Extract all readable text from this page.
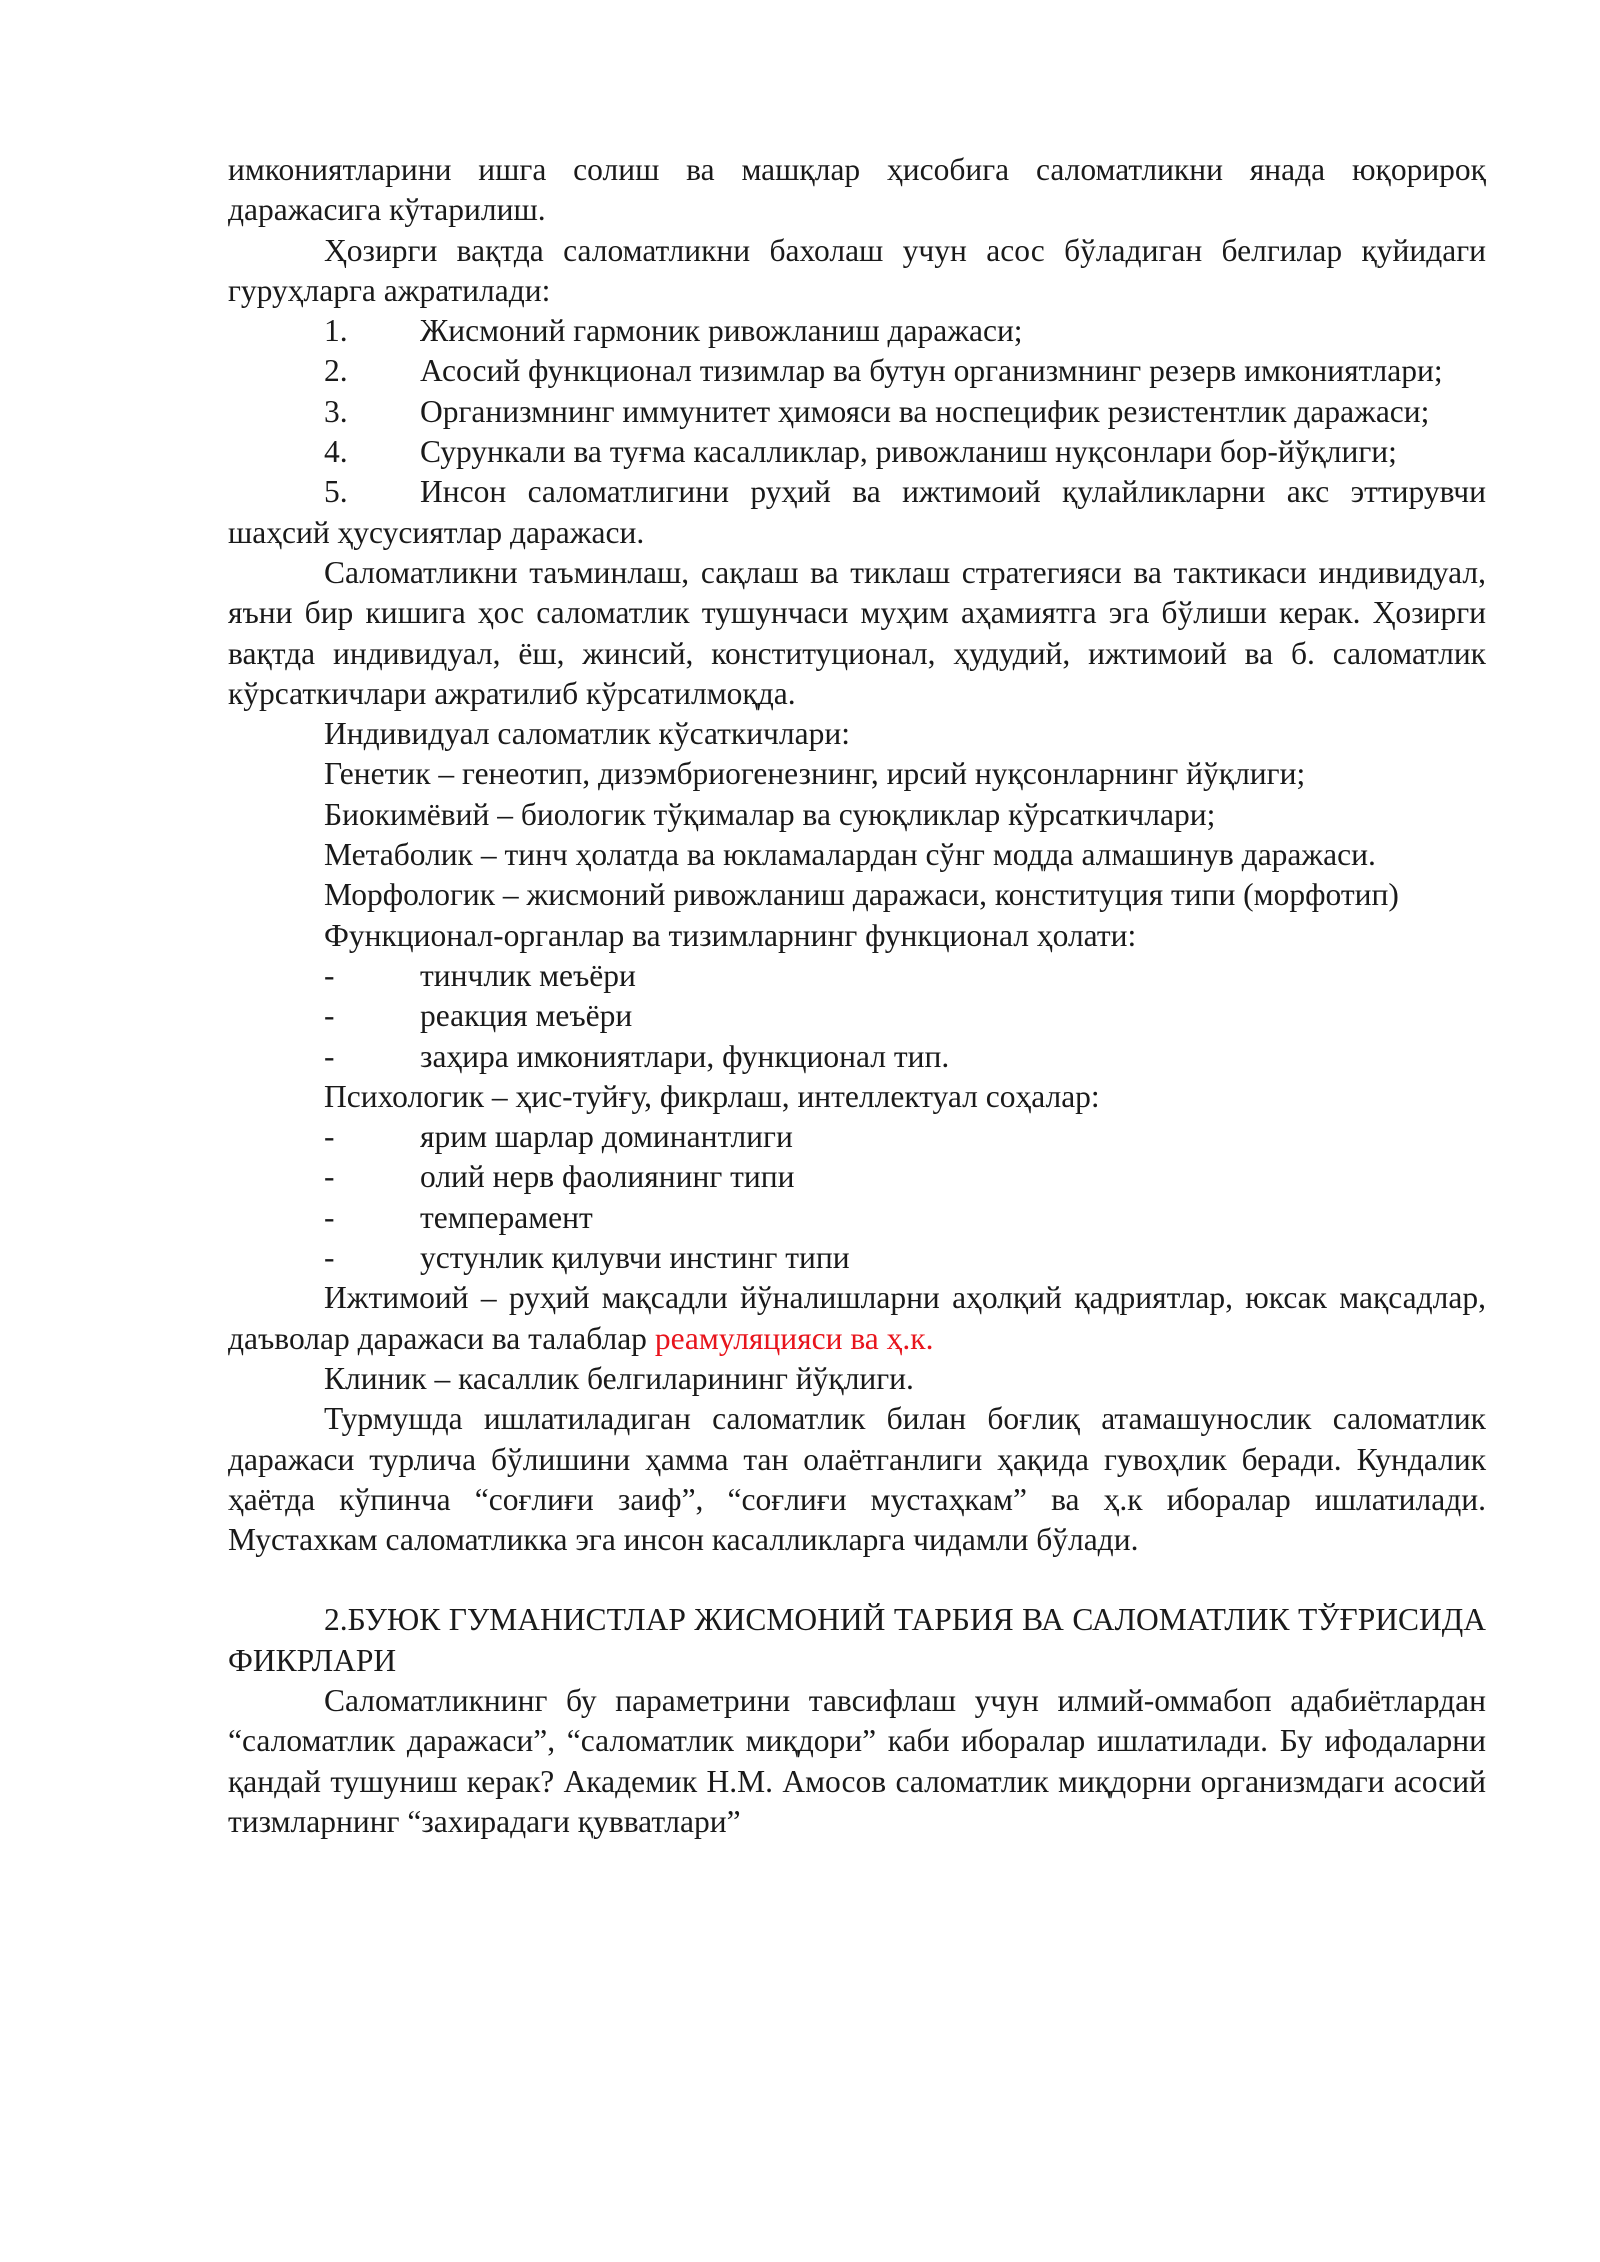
имкониятларини ишга солиш ва машқлар ҳисобига саломатликни янада юқорироқ даражасига кўтарилиш.

Ҳозирги вақтда саломатликни бахолаш учун асос бўладиган белгилар қуйидаги гуруҳларга ажратилади:

1. Жисмоний гармоник ривожланиш даражаси;

2. Асосий функционал тизимлар ва бутун организмнинг резерв имкониятлари;

3. Организмнинг иммунитет ҳимояси ва носпецифик резистентлик даражаси;

4. Сурункали ва туғма касалликлар, ривожланиш нуқсонлари бор-йўқлиги;

5. Инсон саломатлигини руҳий ва ижтимоий қулайликларни акс эттирувчи шаҳсий ҳусусиятлар даражаси.

Саломатликни таъминлаш, сақлаш ва тиклаш стратегияси ва тактикаси индивидуал, яъни бир кишига ҳос саломатлик тушунчаси муҳим аҳамиятга эга бўлиши керак. Ҳозирги вақтда индивидуал, ёш, жинсий, конституционал, ҳудудий, ижтимоий ва б. саломатлик кўрсаткичлари ажратилиб кўрсатилмоқда.

Индивидуал саломатлик кўсаткичлари:

Генетик – генеотип, дизэмбриогенезнинг, ирсий нуқсонларнинг йўқлиги;

Биокимёвий – биологик тўқималар ва суюқликлар кўрсаткичлари;

Метаболик – тинч ҳолатда ва юкламалардан сўнг модда алмашинув даражаси.

Морфологик – жисмоний ривожланиш даражаси, конституция типи (морфотип)

Функционал-органлар ва тизимларнинг функционал ҳолати:

-	тинчлик меъёри

-	реакция меъёри

-	заҳира имкониятлари, функционал тип.

Психологик – ҳис-туйғу, фикрлаш, интеллектуал соҳалар:

-	ярим шарлар доминантлиги

-	олий нерв фаолиянинг типи

-	темперамент

-	устунлик қилувчи инстинг типи

Ижтимоий – руҳий мақсадли йўналишларни аҳолқий қадриятлар, юксак мақсадлар, даъволар даражаси ва талаблар реамуляцияси ва ҳ.к.

Клиник – касаллик белгиларининг йўқлиги.

Турмушда ишлатиладиган саломатлик билан боғлиқ атамашунослик саломатлик даражаси турлича бўлишини ҳамма тан олаётганлиги ҳақида гувоҳлик беради. Кундалик ҳаётда кўпинча “соғлиғи заиф”, “соғлиғи мустаҳкам” ва ҳ.к иборалар ишлатилади. Мустахкам саломатликка эга инсон касалликларга чидамли бўлади.

2.БУЮК ГУМАНИСТЛАР ЖИСМОНИЙ ТАРБИЯ ВА САЛОМАТЛИК ТЎҒРИСИДА ФИКРЛАРИ

Саломатликнинг бу параметрини тавсифлаш учун илмий-оммабоп адабиётлардан “саломатлик даражаси”, “саломатлик миқдори” каби иборалар ишлатилади. Бу ифодаларни қандай тушуниш керак? Академик Н.М. Амосов саломатлик миқдорни организмдаги асосий тизмларнинг “захирадаги қувватлари”
